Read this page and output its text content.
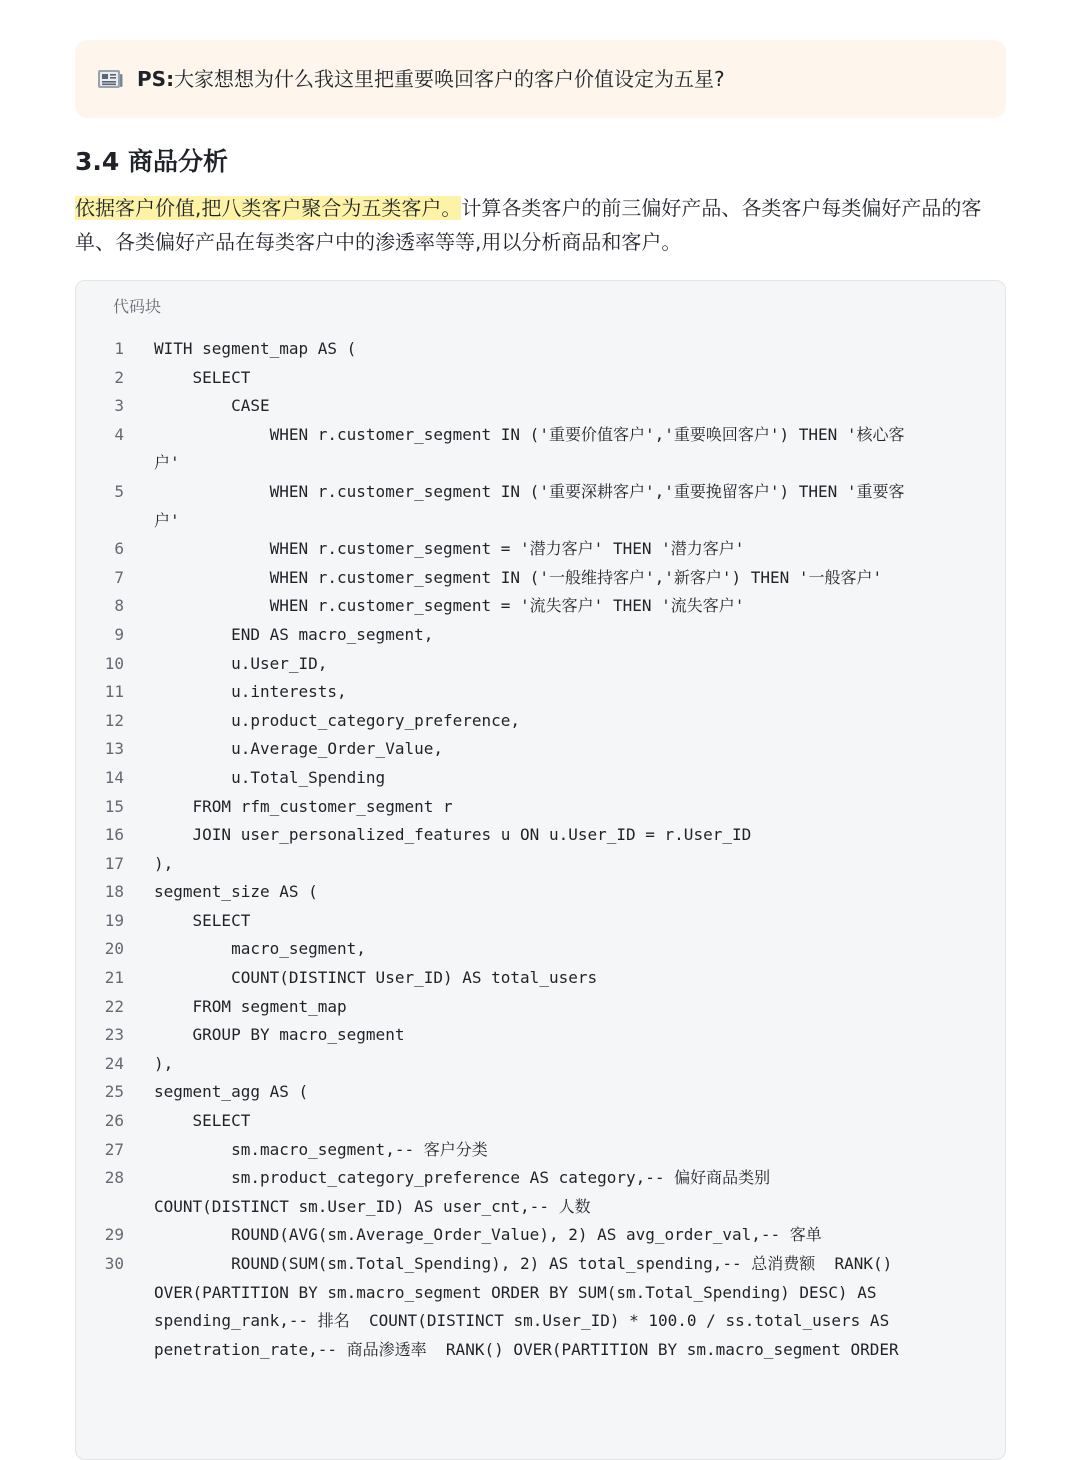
PS:大家想想为什么我这里把重要唤回客户的客户价值设定为五星?
3.4 商品分析

依据客户价值,把八类客户聚合为五类客户。计算各类客户的前三偏好产品、各类客户每类偏好产品的客单、各类偏好产品在每类客户中的渗透率等等,用以分析商品和客户。

代码块
1 WITH segment_map AS (
2 SELECT
3 CASE
4	WHEN r.customer_segment IN ('重要价值客户','重要唤回客户') THEN '核心客
户'
5	WHEN r.customer_segment IN ('重要深耕客户','重要挽留客户') THEN '重要客
户'
6 WHEN r.customer_segment = '潜力客户' THEN '潜力客户'
7 WHEN r.customer_segment IN ('一般维持客户','新客户') THEN '一般客户'
8 WHEN r.customer_segment = '流失客户' THEN '流失客户'
9 END AS macro_segment,
10 u.User_ID,
11 u.interests,
12 u.product_category_preference,
13 u.Average_Order_Value,
14 u.Total_Spending
15 FROM rfm_customer_segment r
16 JOIN user_personalized_features u ON u.User_ID = r.User_ID
17 ),
18 segment_size AS (
19 SELECT
20 macro_segment,
21 COUNT(DISTINCT User_ID) AS total_users
22 FROM segment_map
23 GROUP BY macro_segment
24 ),
25 segment_agg AS (
26 SELECT
27 sm.macro_segment,-- 客户分类
28	sm.product_category_preference AS category,-- 偏好商品类别
COUNT(DISTINCT sm.User_ID) AS user_cnt,-- 人数
29 ROUND(AVG(sm.Average_Order_Value), 2) AS avg_order_val,-- 客单
30	ROUND(SUM(sm.Total_Spending), 2) AS total_spending,-- 总消费额  RANK()
OVER(PARTITION BY sm.macro_segment ORDER BY SUM(sm.Total_Spending) DESC) AS
spending_rank,-- 排名  COUNT(DISTINCT sm.User_ID) * 100.0 / ss.total_users AS
penetration_rate,-- 商品渗透率  RANK() OVER(PARTITION BY sm.macro_segment ORDER
